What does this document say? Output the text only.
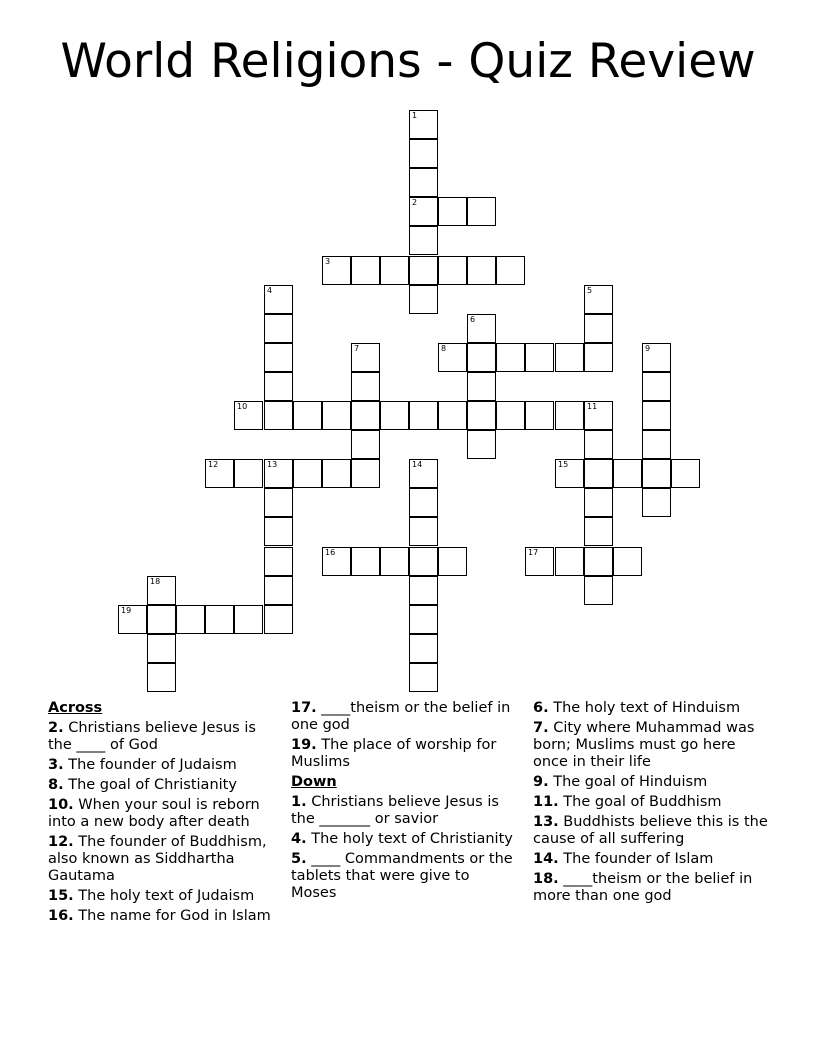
World Religions - Quiz Review
1
2
3
4	5
6
7	8	9
10	11
12	13	14	15
16	17
18
19
Across
2. Christians believe Jesus is the ____ of God
3. The founder of Judaism
8. The goal of Christianity
10. When your soul is reborn into a new body after death
12. The founder of Buddhism, also known as Siddhartha Gautama
15. The holy text of Judaism
16. The name for God in Islam
17. ____theism or the belief in one god
19. The place of worship for Muslims
Down
1. Christians believe Jesus is the _______ or savior
4. The holy text of Christianity
5. ____ Commandments or the tablets that were give to Moses
6. The holy text of Hinduism
7. City where Muhammad was born; Muslims must go here once in their life
9. The goal of Hinduism
11. The goal of Buddhism
13. Buddhists believe this is the cause of all suffering
14. The founder of Islam
18. ____theism or the belief in more than one god
